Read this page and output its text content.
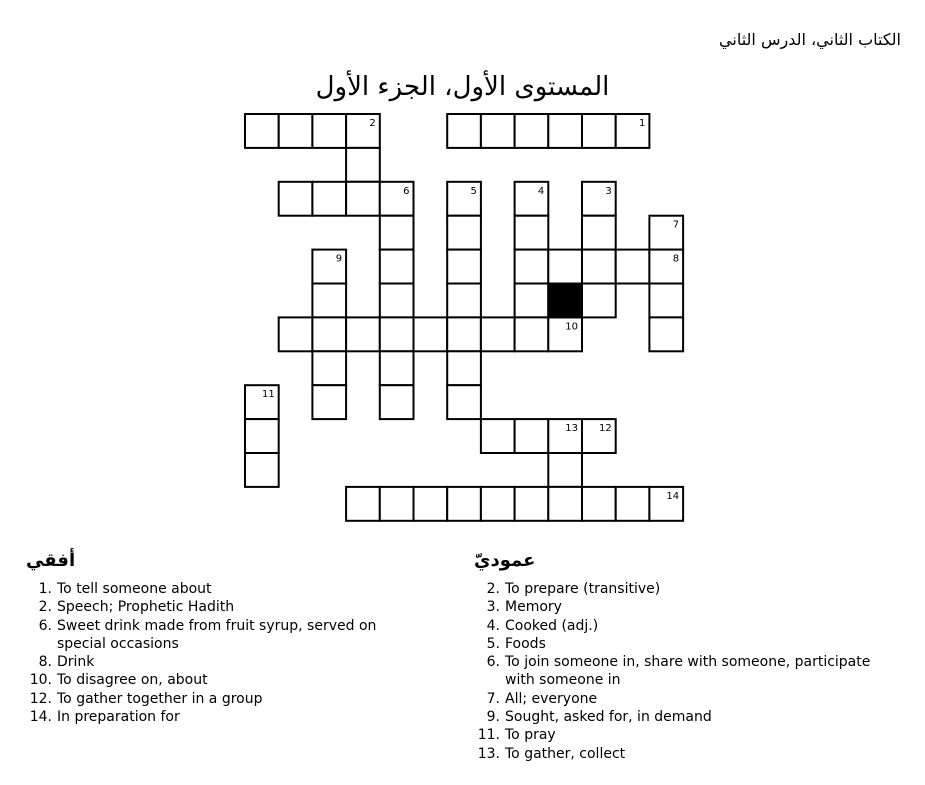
الكتاب الثاني، الدرس الثاني
المستوى الأول، الجزء الأول
1
2
3
4
5
6
7
8
9
10
11
12
13
14
أفقي
1. To tell someone about
2. Speech; Prophetic Hadith
6. Sweet drink made from fruit syrup, served on special occasions
8. Drink
10. To disagree on, about
12. To gather together in a group
14. In preparation for
عموديّ
2. To prepare (transitive)
3. Memory
4. Cooked (adj.)
5. Foods
6. To join someone in, share with someone, participate with someone in
7. All; everyone
9. Sought, asked for, in demand
11. To pray
13. To gather, collect
